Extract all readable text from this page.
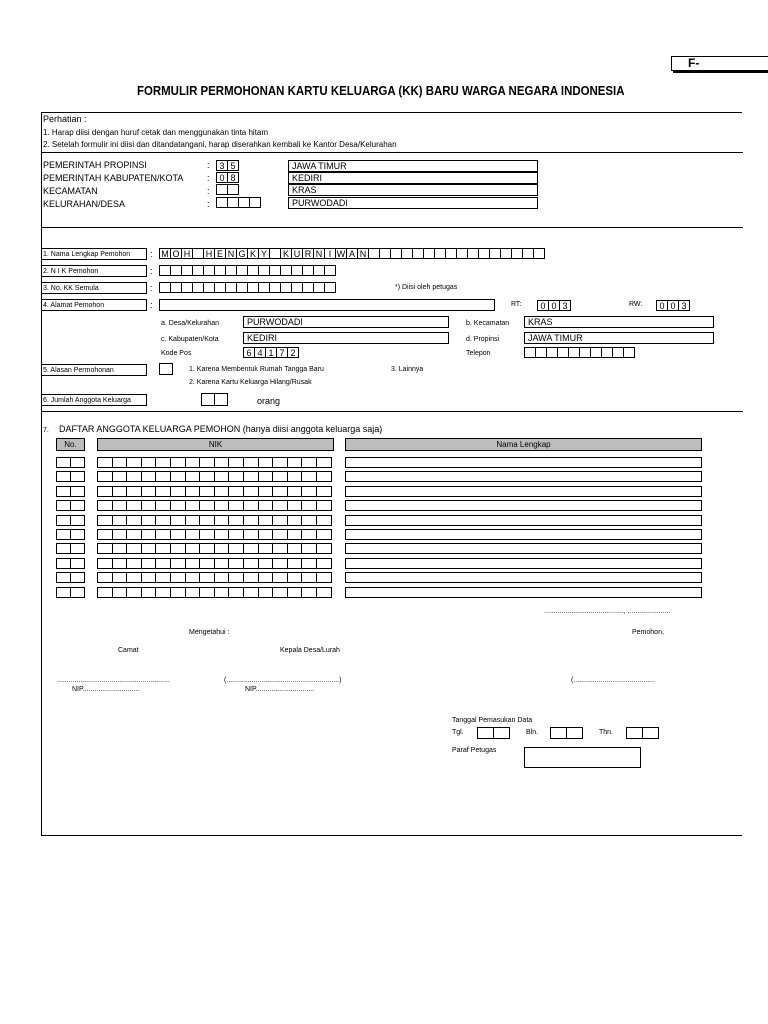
F-
FORMULIR PERMOHONAN KARTU KELUARGA (KK) BARU WARGA NEGARA INDONESIA
Perhatian :
1. Harap diisi dengan huruf cetak dan menggunakan tinta hitam
2. Setelah formulir ini diisi dan ditandatangani, harap diserahkan kembali ke Kantor Desa/Kelurahan
PEMERINTAH PROPINSI	:	3 5	JAWA TIMUR
PEMERINTAH KABUPATEN/KOTA	:	0 8	KEDIRI
KECAMATAN	:	KRAS
KELURAHAN/DESA	:	PURWODADI
1. Nama Lengkap Pemohon	: M O H	H E N G K Y	K U R N I W A N
2. N I K Pemohon	:
3. No. KK Semula	:	*) Diisi oleh petugas
4. Alamat Pemohon	:	RT:	0 0 3	RW:	0 0 3
a. Desa/Kelurahan	PURWODADI	b. Kecamatan	KRAS
c. Kabupaten/Kota	KEDIRI	d. Propinsi	JAWA TIMUR
Kode Pos	6 4 1 7 2	Telepon
5. Alasan Permohonan	1. Karena Membentuk Rumah Tangga Baru	3. Lainnya
2. Karena Kartu Keluarga Hilang/Rusak
6. Jumlah Anggota Keluarga	orang
7. DAFTAR ANGGOTA KELUARGA PEMOHON (hanya diisi anggota keluarga saja)
No.	NIK	Nama Lengkap
........................................., ......................
Mengetahui :	Pemohon,
Camat	Kepala Desa/Lurah
..........................................................	(..........................................................)	(..........................................
NIP.............................	NIP..............................
Tanggal Pemasukan Data
Tgl.	Bln.	Thn.
Paraf Petugas
